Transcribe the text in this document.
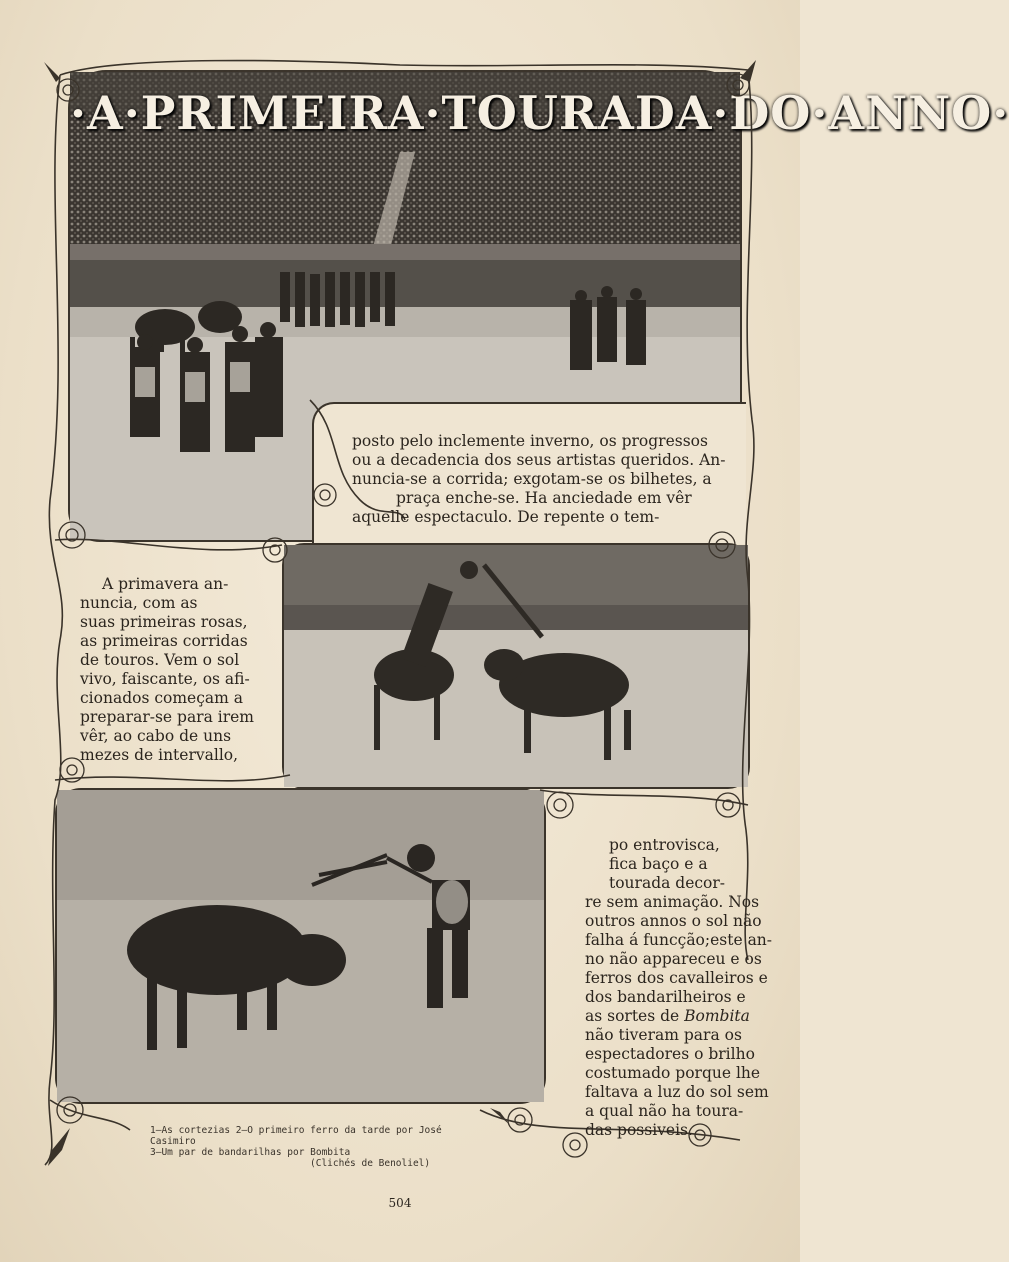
·A·PRIMEIRA·TOURADA·DO·ANNO·
posto pelo inclemente inverno, os progressos
ou a decadencia dos seus artistas queridos. An-
nuncia-se a corrida; exgotam-se os bilhetes, a
praça enche-se. Ha anciedade em vêr
aquelle espectaculo. De repente o tem-
A primavera an-
nuncia, com as
suas primeiras rosas,
as primeiras corridas
de touros. Vem o sol
vivo, faiscante, os afi-
cionados começam a
preparar-se para irem
vêr, ao cabo de uns
mezes de intervallo,
po entrovisca,
fica baço e a
tourada decor-
re sem animação. Nos
outros annos o sol não
falha á funcção;este an-
no não appareceu e os
ferros dos cavalleiros e
dos bandarilheiros e
as sortes de Bombita
não tiveram para os
espectadores o brilho
costumado porque lhe
faltava a luz do sol sem
a qual não ha toura-
das possiveis.
1—As cortezias 2—O primeiro ferro da tarde por José Casimiro
3—Um par de bandarilhas por Bombita
(Clichés de Benoliel)
504
